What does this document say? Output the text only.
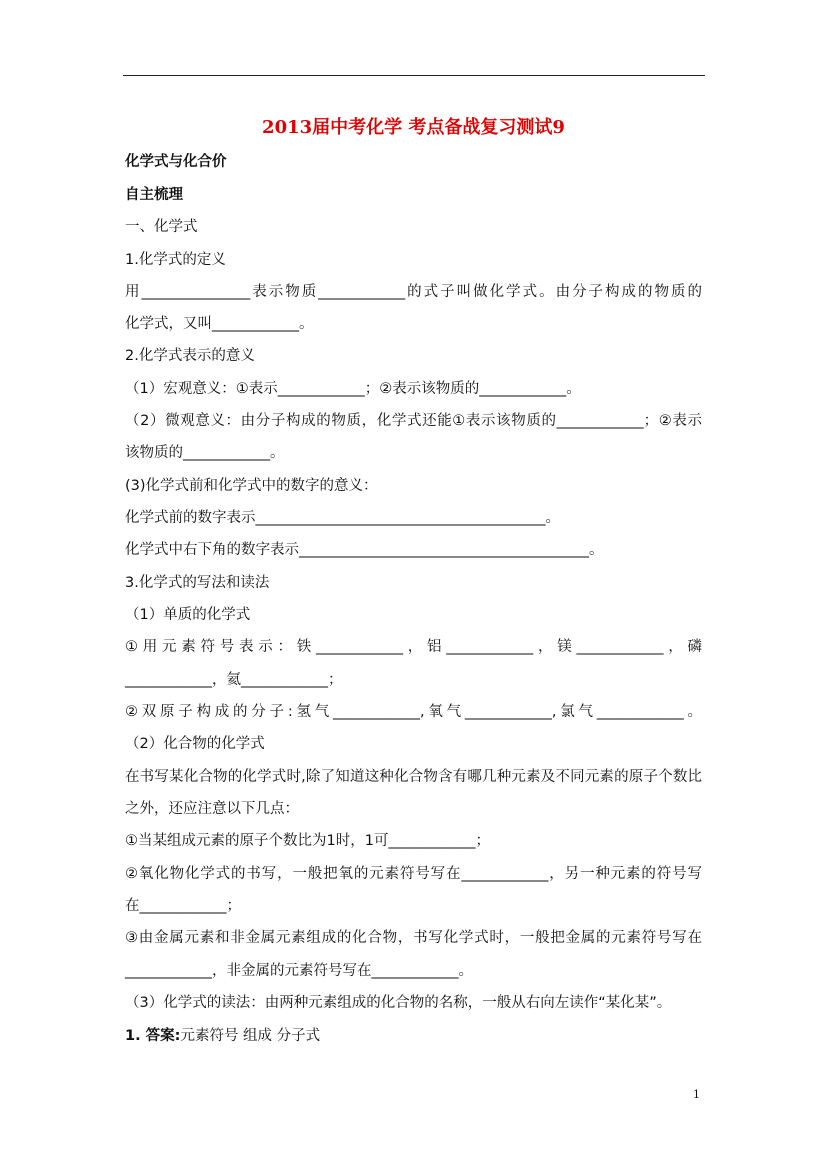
2013届中考化学 考点备战复习测试9
化学式与化合价
自主梳理
一、化学式
1.化学式的定义
用_______________表示物质____________的式子叫做化学式。由分子构成的物质的
化学式，又叫____________。
2.化学式表示的意义
（1）宏观意义：①表示____________；②表示该物质的____________。
（2）微观意义：由分子构成的物质，化学式还能①表示该物质的____________；②表示
该物质的____________。
(3)化学式前和化学式中的数字的意义：
化学式前的数字表示________________________________________。
化学式中右下角的数字表示________________________________________。
3.化学式的写法和读法
（1）单质的化学式
①用元素符号表示：铁____________，铝____________，镁____________，磷
____________，氦____________；
②双原子构成的分子:氢气____________,氧气____________,氯气____________。
（2）化合物的化学式
在书写某化合物的化学式时,除了知道这种化合物含有哪几种元素及不同元素的原子个数比
之外，还应注意以下几点：
①当某组成元素的原子个数比为1时，1可____________；
②氧化物化学式的书写，一般把氧的元素符号写在____________，另一种元素的符号写
在____________；
③由金属元素和非金属元素组成的化合物，书写化学式时，一般把金属的元素符号写在
____________，非金属的元素符号写在____________。
（3）化学式的读法：由两种元素组成的化合物的名称，一般从右向左读作“某化某”。
1. 答案:元素符号 组成 分子式
1
